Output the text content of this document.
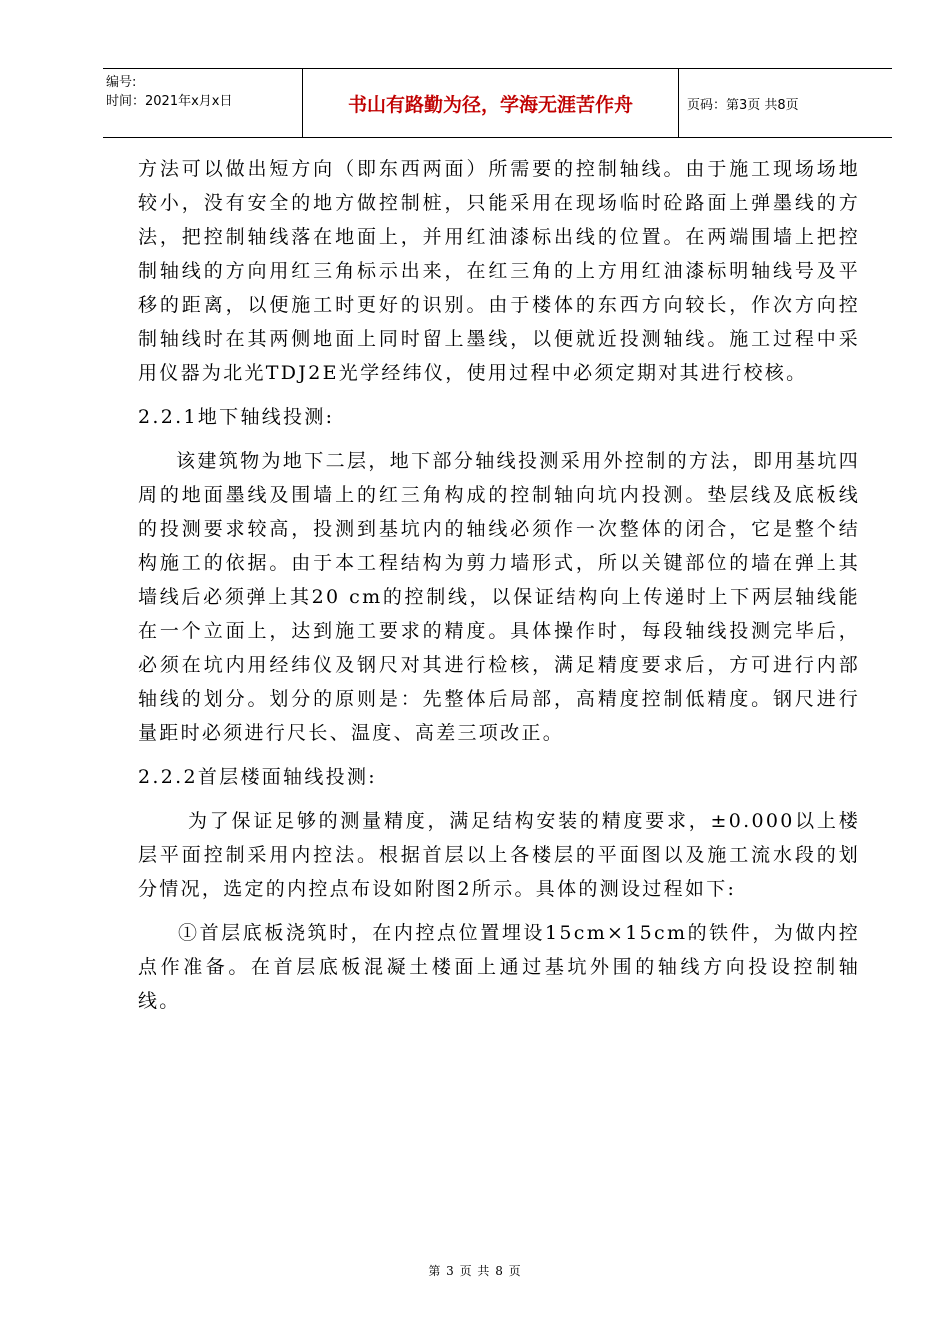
编号:
时间：2021年x月x日	书山有路勤为径，学海无涯苦作舟	页码：第3页 共8页

方法可以做出短方向（即东西两面）所需要的控制轴线。由于施工现场场地较小，没有安全的地方做控制桩，只能采用在现场临时砼路面上弹墨线的方法，把控制轴线落在地面上，并用红油漆标出线的位置。在两端围墙上把控制轴线的方向用红三角标示出来，在红三角的上方用红油漆标明轴线号及平移的距离，以便施工时更好的识别。由于楼体的东西方向较长，作次方向控制轴线时在其两侧地面上同时留上墨线，以便就近投测轴线。施工过程中采用仪器为北光TDJ2E光学经纬仪，使用过程中必须定期对其进行校核。

2.2.1地下轴线投测:

该建筑物为地下二层，地下部分轴线投测采用外控制的方法，即用基坑四周的地面墨线及围墙上的红三角构成的控制轴向坑内投测。垫层线及底板线的投测要求较高，投测到基坑内的轴线必须作一次整体的闭合，它是整个结构施工的依据。由于本工程结构为剪力墙形式，所以关键部位的墙在弹上其墙线后必须弹上其20 cm的控制线，以保证结构向上传递时上下两层轴线能在一个立面上，达到施工要求的精度。具体操作时，每段轴线投测完毕后，必须在坑内用经纬仪及钢尺对其进行检核，满足精度要求后，方可进行内部轴线的划分。划分的原则是：先整体后局部，高精度控制低精度。钢尺进行量距时必须进行尺长、温度、高差三项改正。

2.2.2首层楼面轴线投测:

为了保证足够的测量精度，满足结构安装的精度要求，±0.000以上楼层平面控制采用内控法。根据首层以上各楼层的平面图以及施工流水段的划分情况，选定的内控点布设如附图2所示。具体的测设过程如下:

①首层底板浇筑时，在内控点位置埋设15cm×15cm的铁件，为做内控点作准备。在首层底板混凝土楼面上通过基坑外围的轴线方向投设控制轴线。

第 3 页 共 8 页
